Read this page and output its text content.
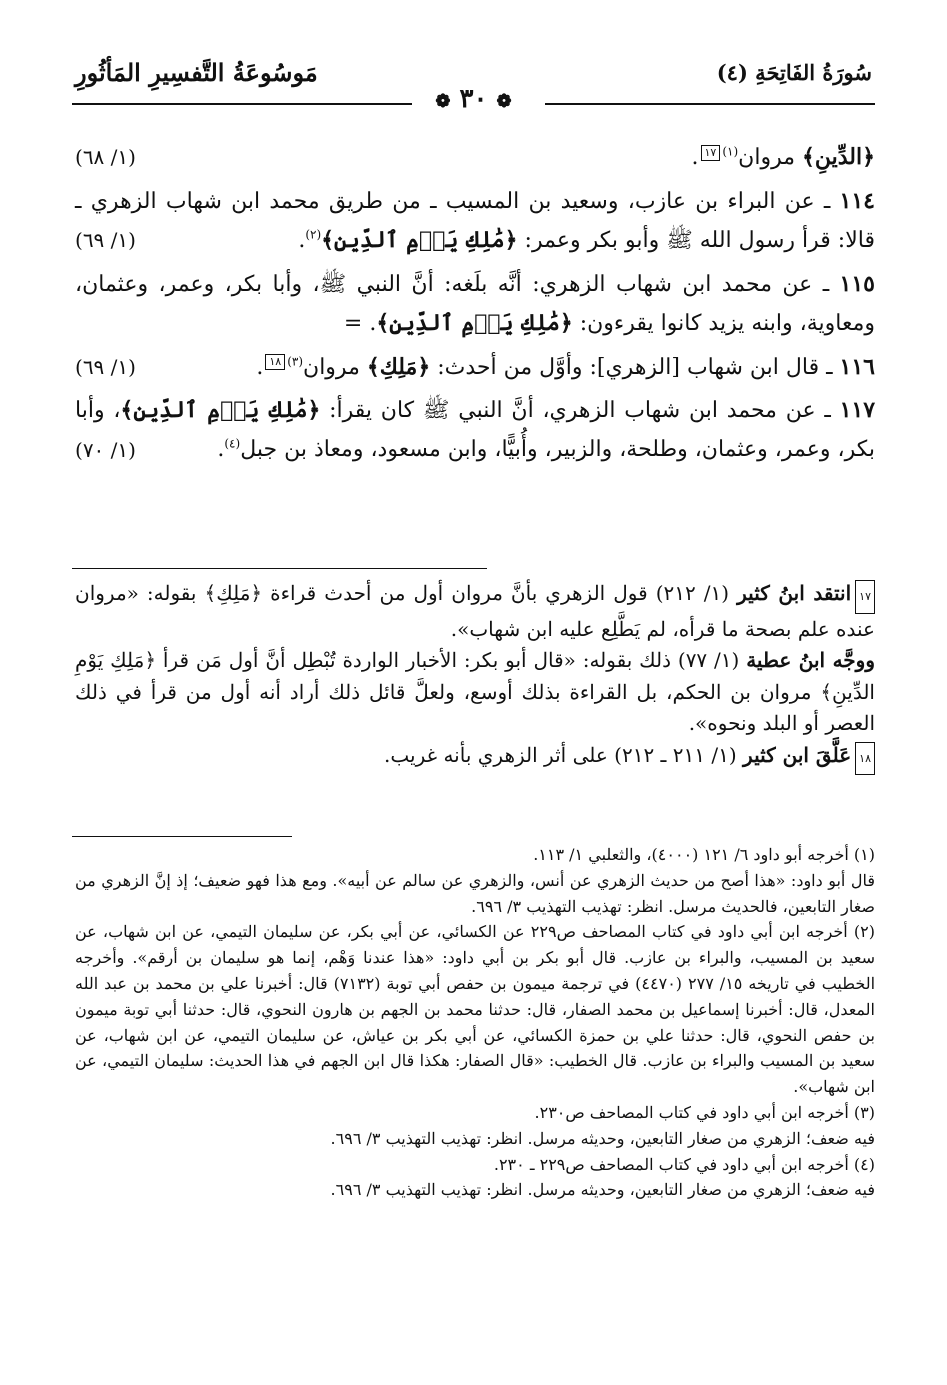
سُورَةُ الفَاتِحَةِ (٤)
مَوسُوعَةُ التَّفسِيرِ المَأثُورِ
❁ ٣٠ ❁

﴿الدِّينِ﴾ مروان$^{(١)}$١٧.
(١/ ٦٨)

١١٤ ـ عن البراء بن عازب، وسعيد بن المسيب ـ من طريق محمد ابن شهاب الزهري ـ قالا: قرأ رسول الله ﷺ وأبو بكر وعمر: ﴿مَٰلِكِ يَوۡمِ ٱلدِّينِ﴾$^{(٢)}$.
(١/ ٦٩)

١١٥ ـ عن محمد ابن شهاب الزهري: أنَّه بلَغه: أنَّ النبي ﷺ، وأبا بكر، وعمر، وعثمان، ومعاوية، وابنه يزيد كانوا يقرءون: ﴿مَٰلِكِ يَوۡمِ ٱلدِّينِ﴾. =

١١٦ ـ قال ابن شهاب [الزهري]: وأوَّل من أحدث: ﴿مَلِكِ﴾ مروان$^{(٣)}$١٨.
(١/ ٦٩)

١١٧ ـ عن محمد ابن شهاب الزهري، أنَّ النبي ﷺ كان يقرأ: ﴿مَٰلِكِ يَوۡمِ ٱلدِّينِ﴾، وأبا بكر، وعمر، وعثمان، وطلحة، والزبير، وأُبيًّا، وابن مسعود، ومعاذ بن جبل$^{(٤)}$.
(١/ ٧٠)

١٧انتقد ابنُ كثير (١/ ٢١٢) قول الزهري بأنَّ مروان أول من أحدث قراءة ﴿مَلِكِ﴾ بقوله: «مروان عنده علم بصحة ما قرأه، لم يَطَّلِع عليه ابن شهاب».

ووجَّه ابنُ عطية (١/ ٧٧) ذلك بقوله: «قال أبو بكر: الأخبار الواردة تُبْطِل أنَّ أول مَن قرأ ﴿مَلِكِ يَوْمِ الدِّينِ﴾ مروان بن الحكم، بل القراءة بذلك أوسع، ولعلَّ قائل ذلك أراد أنه أول من قرأ في ذلك العصر أو البلد ونحوه».

١٨عَلَّقَ ابن كثير (١/ ٢١١ ـ ٢١٢) على أثر الزهري بأنه غريب.

(١) أخرجه أبو داود ٦/ ١٢١ (٤٠٠٠)، والثعلبي ١/ ١١٣.

قال أبو داود: «هذا أصح من حديث الزهري عن أنس، والزهري عن سالم عن أبيه». ومع هذا فهو ضعيف؛ إذ إنَّ الزهري من صغار التابعين، فالحديث مرسل. انظر: تهذيب التهذيب ٣/ ٦٩٦.

(٢) أخرجه ابن أبي داود في كتاب المصاحف ص٢٢٩ عن الكسائي، عن أبي بكر، عن سليمان التيمي، عن ابن شهاب، عن سعيد بن المسيب، والبراء بن عازب. قال أبو بكر بن أبي داود: «هذا عندنا وَهْم، إنما هو سليمان بن أرقم». وأخرجه الخطيب في تاريخه ١٥/ ٢٧٧ (٤٤٧٠) في ترجمة ميمون بن حفص أبي توبة (٧١٣٢) قال: أخبرنا علي بن محمد بن عبد الله المعدل، قال: أخبرنا إسماعيل بن محمد الصفار، قال: حدثنا محمد بن الجهم بن هارون النحوي، قال: حدثنا أبي توبة ميمون بن حفص النحوي، قال: حدثنا علي بن حمزة الكسائي، عن أبي بكر بن عياش، عن سليمان التيمي، عن ابن شهاب، عن سعيد بن المسيب والبراء بن عازب. قال الخطيب: «قال الصفار: هكذا قال ابن الجهم في هذا الحديث: سليمان التيمي، عن ابن شهاب».

(٣) أخرجه ابن أبي داود في كتاب المصاحف ص٢٣٠.

فيه ضعف؛ الزهري من صغار التابعين، وحديثه مرسل. انظر: تهذيب التهذيب ٣/ ٦٩٦.

(٤) أخرجه ابن أبي داود في كتاب المصاحف ص٢٢٩ ـ ٢٣٠.

فيه ضعف؛ الزهري من صغار التابعين، وحديثه مرسل. انظر: تهذيب التهذيب ٣/ ٦٩٦.
